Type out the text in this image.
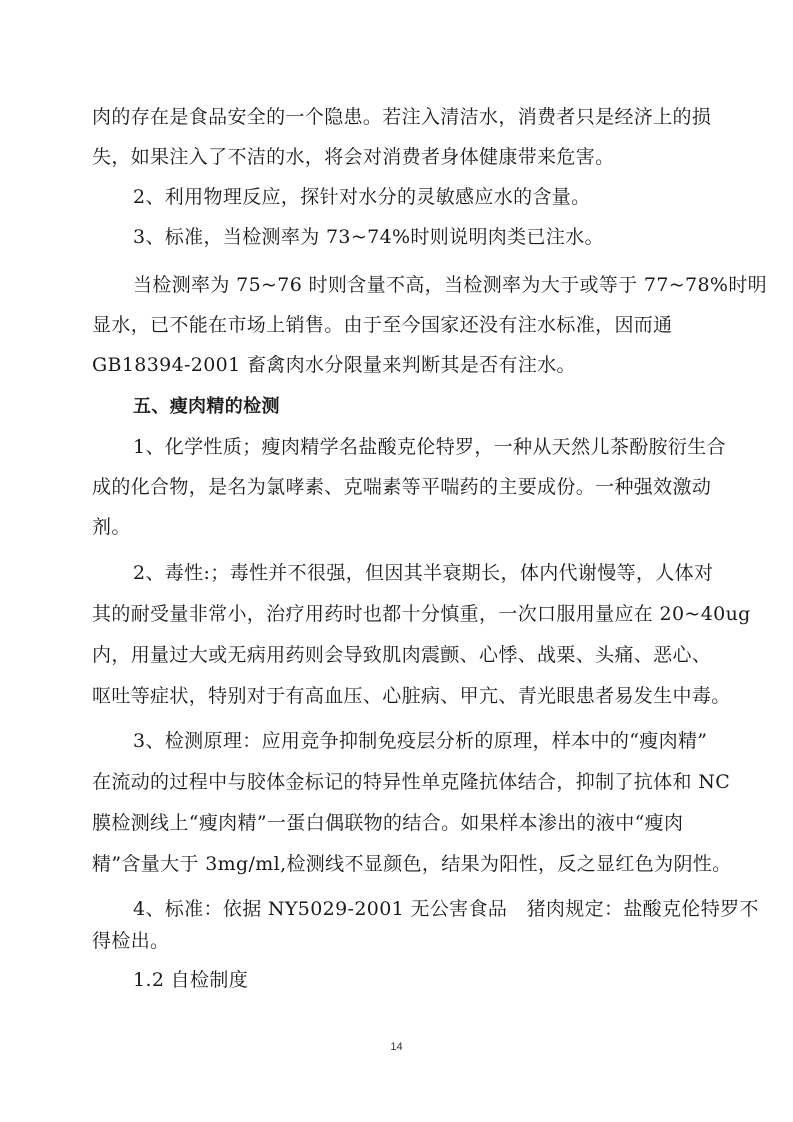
肉的存在是食品安全的一个隐患。若注入清洁水，消费者只是经济上的损
失，如果注入了不洁的水，将会对消费者身体健康带来危害。
2、利用物理反应，探针对水分的灵敏感应水的含量。
3、标准，当检测率为 73~74%时则说明肉类已注水。
当检测率为 75~76 时则含量不高，当检测率为大于或等于 77~78%时明
显水，已不能在市场上销售。由于至今国家还没有注水标准，因而通
GB18394-2001 畜禽肉水分限量来判断其是否有注水。
五、瘦肉精的检测
1、化学性质；瘦肉精学名盐酸克伦特罗，一种从天然儿茶酚胺衍生合
成的化合物，是名为氯哮素、克喘素等平喘药的主要成份。一种强效激动
剂。
2、毒性:；毒性并不很强，但因其半衰期长，体内代谢慢等，人体对
其的耐受量非常小，治疗用药时也都十分慎重，一次口服用量应在 20~40ug
内，用量过大或无病用药则会导致肌肉震颤、心悸、战栗、头痛、恶心、
呕吐等症状，特别对于有高血压、心脏病、甲亢、青光眼患者易发生中毒。
3、检测原理：应用竞争抑制免疫层分析的原理，样本中的“瘦肉精”
在流动的过程中与胶体金标记的特异性单克隆抗体结合，抑制了抗体和 NC
膜检测线上“瘦肉精”一蛋白偶联物的结合。如果样本渗出的液中“瘦肉
精”含量大于 3mg/ml,检测线不显颜色，结果为阳性，反之显红色为阴性。
4、标准：依据 NY5029-2001 无公害食品　猪肉规定：盐酸克伦特罗不
得检出。
1.2 自检制度
14
